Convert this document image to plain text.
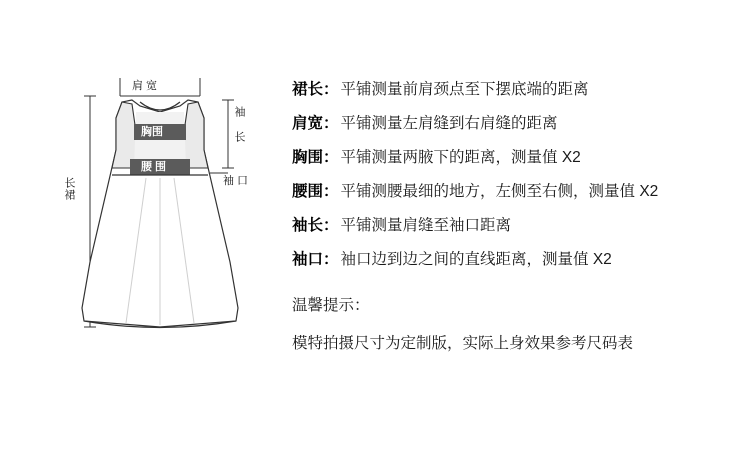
肩 宽
胸围
腰 围
袖 长
袖 口
长裙
裙长 ： 平铺测量前肩颈点至下摆底端的距离
肩宽 ： 平铺测量左肩缝到右肩缝的距离
胸围 ： 平铺测量两腋下的距离，测量值 X2
腰围 ： 平铺测腰最细的地方，左侧至右侧，测量值 X2
袖长 ： 平铺测量肩缝至袖口距离
袖口 ： 袖口边到边之间的直线距离，测量值 X2
温馨提示：
模特拍摄尺寸为定制版，实际上身效果参考尺码表
